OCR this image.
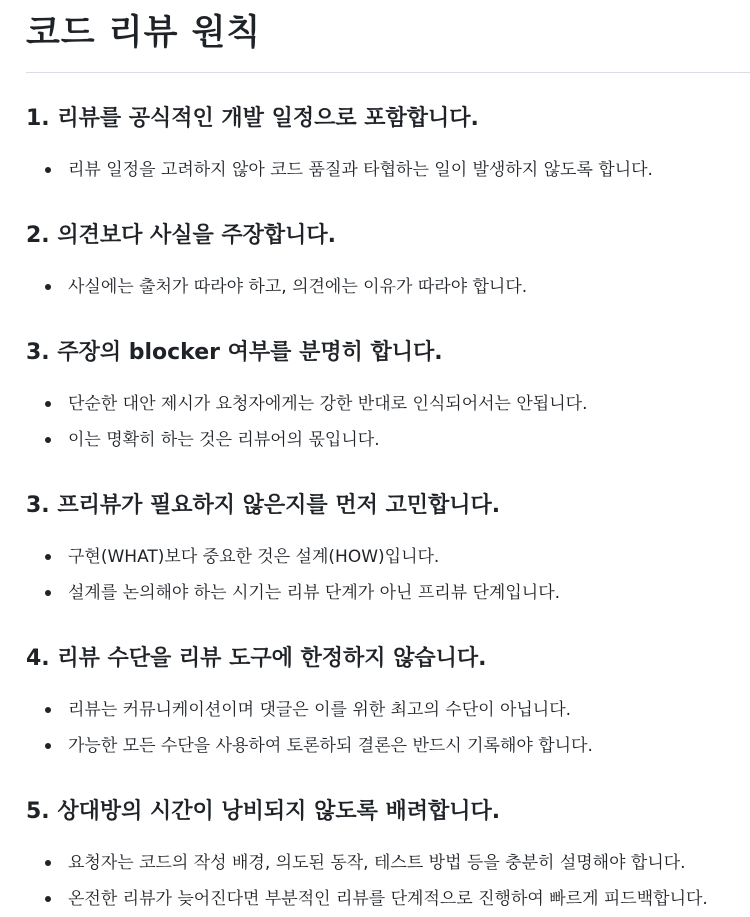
코드 리뷰 원칙
1. 리뷰를 공식적인 개발 일정으로 포함합니다.
리뷰 일정을 고려하지 않아 코드 품질과 타협하는 일이 발생하지 않도록 합니다.
2. 의견보다 사실을 주장합니다.
사실에는 출처가 따라야 하고, 의견에는 이유가 따라야 합니다.
3. 주장의 blocker 여부를 분명히 합니다.
단순한 대안 제시가 요청자에게는 강한 반대로 인식되어서는 안됩니다.
이는 명확히 하는 것은 리뷰어의 몫입니다.
3. 프리뷰가 필요하지 않은지를 먼저 고민합니다.
구현(WHAT)보다 중요한 것은 설계(HOW)입니다.
설계를 논의해야 하는 시기는 리뷰 단계가 아닌 프리뷰 단계입니다.
4. 리뷰 수단을 리뷰 도구에 한정하지 않습니다.
리뷰는 커뮤니케이션이며 댓글은 이를 위한 최고의 수단이 아닙니다.
가능한 모든 수단을 사용하여 토론하되 결론은 반드시 기록해야 합니다.
5. 상대방의 시간이 낭비되지 않도록 배려합니다.
요청자는 코드의 작성 배경, 의도된 동작, 테스트 방법 등을 충분히 설명해야 합니다.
온전한 리뷰가 늦어진다면 부분적인 리뷰를 단계적으로 진행하여 빠르게 피드백합니다.
